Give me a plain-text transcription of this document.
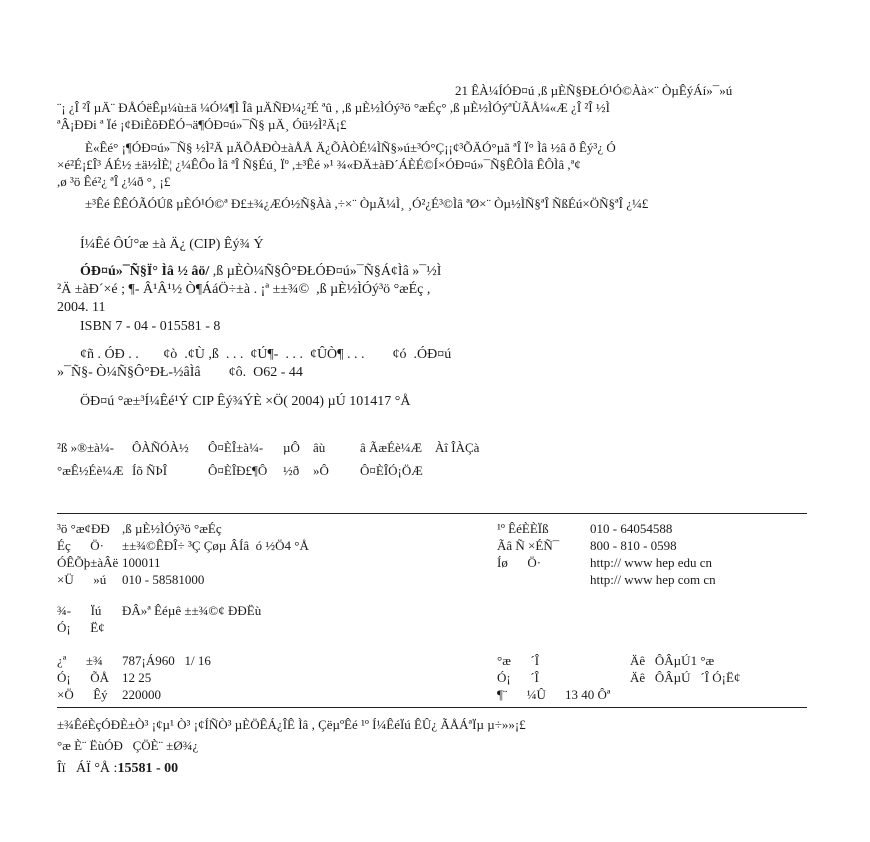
21 ÊÀ¼ÍÓÐ¤ú ,ß µÈÑ§ÐŁÓ¹Ó©Àà×¨ ÒµÊýÁí»¯»ú
¨¡ ¿Î ²Î µÄ¨ ÐÅÓëÊµ¼ù±ä ¼Ó¼¶Ì Îâ µÄÑÐ¼¿²É ªû , ,ß µÈ½ÌÓý³ö °æÉç° ,ß µÈ½ÌÓýªÙÃÅ¼«Æ ¿Î ²Î ½Ì
ªÂ¡ÐÐi ª Ïé ¡¢ÐiÈõÐËÓ¬ä¶ÓÐ¤ú»¯Ñ§ µÄ¸ Óü½Ì²Ä¡£
È«Êé° ¡¶ÓÐ¤ú»¯Ñ§ ½Ì²Ä µÄÕÅÐÒ±àÅÅ Ä¿ÕÀÒÉ¼ÌÑ§»ú±³Ó°Ç¡¡¢³ÕÄÓ°µã ªÎ Ï° Ìâ ½â ð Êý³¿ Ó
×é²É¡£Î³ ÁÉ½ ±ä½ÌÈ¦ ¿¼ÊÔo Ìâ ªÎ Ñ§Éú¸ Ïº ,±³Êé »¹ ¾«ÐÄ±àÐ´ÁÈÉ©Í×ÓÐ¤ú»¯Ñ§ÊÔÌâ ÊÔÌâ ,ª¢
,ø ³ö Êé²¿ ªÎ ¿¼ð °¸ ¡£
±³Êé ÊÊÓÃÓÚß µÈÓ¹Ó©ª Ð£±¾¿ÆÓ½Ñ§Àà ,÷×¨ ÒµÃ¼Ì¸ ¸Ó²¿É³©Ìâ ªØ×¨ Òµ½ÌÑ§ªÎ ÑßÉú×ÖÑ§ªÎ ¿¼£
Í¼Êé ÔÚ°æ ±à Ä¿ (CIP) Êý¾ Ý
ÓÐ¤ú»¯Ñ§Ï° Ìâ ½ âö/ ,ß µÈÒ¼Ñ§Ô°ÐŁÓÐ¤ú»¯Ñ§Á¢Ìâ »¯½Ì
²Ä ±àÐ´×é ; ¶- Â¹Â¹½ Ò¶ÁáÖ÷±à . ¡ª ±±¾©  ,ß µÈ½ÌÓý³ö °æÉç ,
2004. 11
ISBN 7 - 04 - 015581 - 8
¢ñ . ÓÐ . .       ¢ò  .¢Ù ,ß  . . .  ¢Ú¶-  . . .  ¢ÛÒ¶ . . .        ¢ó  .ÓÐ¤ú
»¯Ñ§- Ò¼Ñ§Ô°ÐŁ-½âÌâ        ¢ô.  O62 - 44
ÖÐ¤ú °æ±³Í¼Êé¹Ý CIP Êý¾ÝÈ ×Ö( 2004) µÚ 101417 °Å
²ß »®±à¼- ÔÀÑÓÀ½ Ô¤ÈÎ±à¼- µÔ âù	â ÃæÉè¼Æ Àî ÎÀÇà
°æÊ½Éè¼Æ Íõ ÑÞÎ	Ô¤ÈÎÐ£¶Ô ½ð »Ô Ô¤ÈÎÓ¡ÖÆ
³ö °æ¢ÐÐ ,ß µÈ½ÌÓý³ö °æÉç
Éç      Ö· ±±¾©ÊÐÎ÷ ³Ç Çøµ ÂÍâ  ó ½Ö4 °Å
ÓÊÕþ±àÂë 100011
×Ü      »ú 010 - 58581000
¹º ÊéÈÈÏß	010 - 64054588
Ãâ Ñ ×ÉÑ¯ 800 - 810 - 0598
Íø      Ö·	http:// www hep edu cn
http:// www hep com cn
¾-      Ïú ÐÂ»ª Êéµê ±±¾©¢ ÐÐËù
Ó¡      Ë¢
¿ª      ±¾ 787¡Á960   1/ 16
Ó¡      ÕÅ 12 25
×Ö      Êý 220000
°æ      ´Î	Äê   ÔÂµÚ1 °æ
Ó¡      ´Î	Äê   ÔÂµÚ   ´Î Ó¡Ë¢
¶¨      ¼Û 13 40 Ôª
±¾ÊéÈçÓÐÈ±Ò³ ¡¢µ¹ Ò³ ¡¢ÍÑÒ³ µÈÖÊÁ¿ÎÊ Ìâ , ÇëµºÊé ¹º Í¼ÊéÏú ÊÛ¿ ÃÅÁªÏµ µ÷»»¡£
°æ È¨ ËùÓÐ   ÇÖÈ¨ ±Ø¾¿
Îï   ÁÏ °Å :15581 - 00
